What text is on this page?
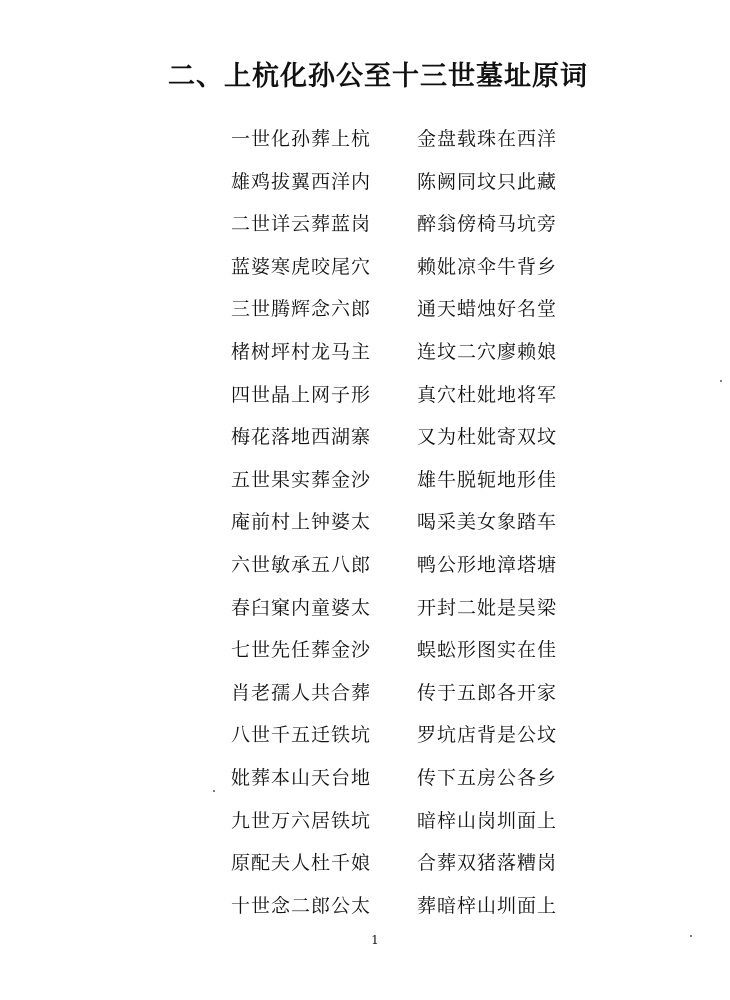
二、上杭化孙公至十三世墓址原词
一世化孙葬上杭 金盘载珠在西洋
雄鸡拔翼西洋内 陈阙同坟只此藏
二世详云葬蓝岗 醉翁傍椅马坑旁
蓝婆寒虎咬尾穴 赖妣凉伞牛背乡
三世腾辉念六郎 通天蜡烛好名堂
楮树坪村龙马主 连坟二穴廖赖娘
四世晶上网子形 真穴杜妣地将军
梅花落地西湖寨 又为杜妣寄双坟
五世果实葬金沙 雄牛脱轭地形佳
庵前村上钟婆太 喝采美女象踏车
六世敏承五八郎 鸭公形地漳塔塘
春臼窠内童婆太 开封二妣是吴梁
七世先任葬金沙 蜈蚣形图实在佳
肖老孺人共合葬 传于五郎各开家
八世千五迁铁坑 罗坑店背是公坟
妣葬本山天台地 传下五房公各乡
九世万六居铁坑 暗梓山岗圳面上
原配夫人杜千娘 合葬双猪落糟岗
十世念二郎公太 葬暗梓山圳面上
1
